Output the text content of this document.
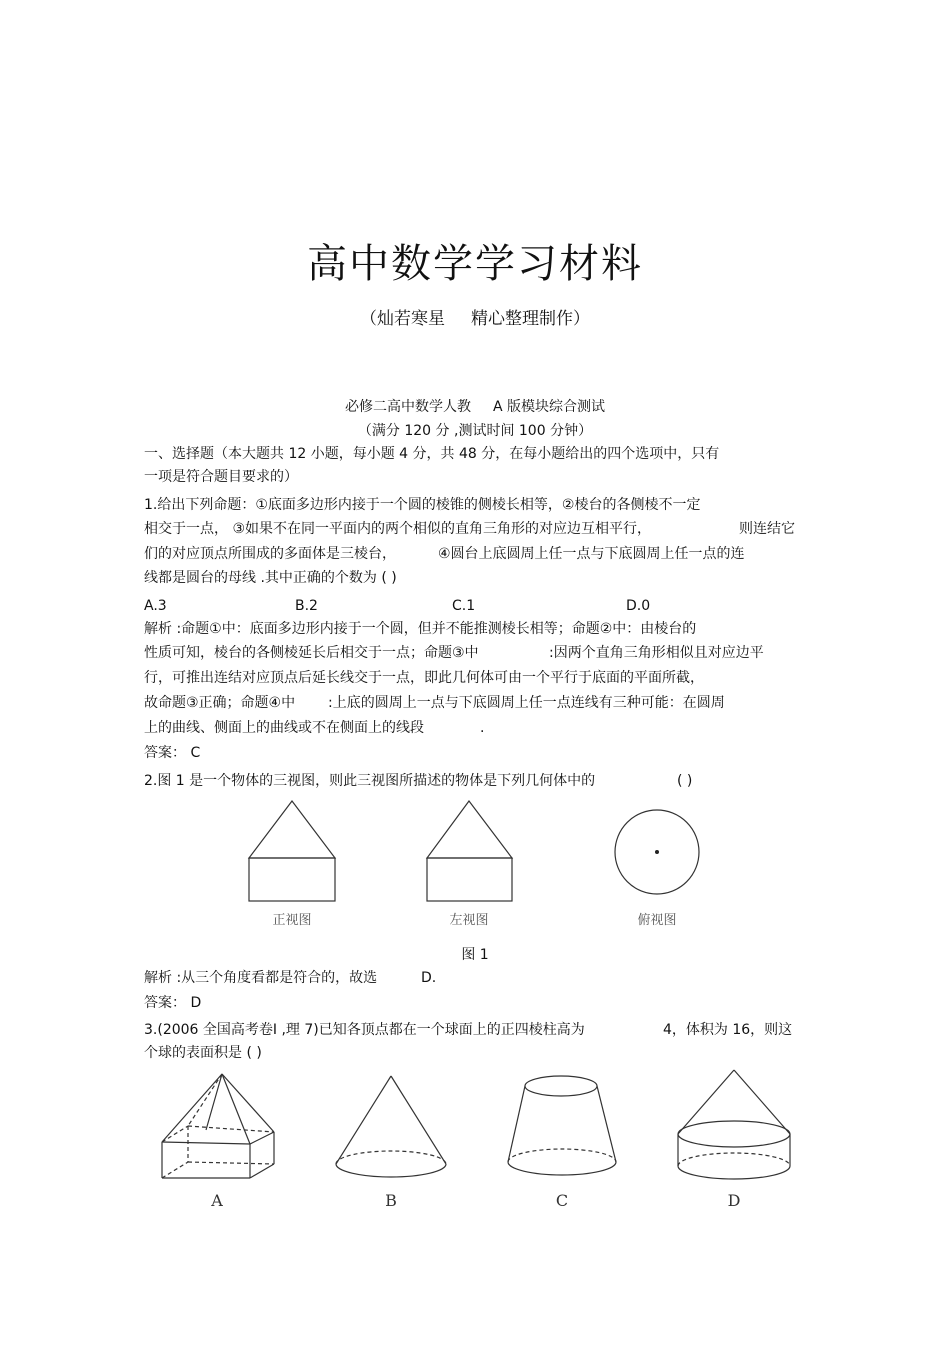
高中数学学习材料
（灿若寒星 精心整理制作）
必修二高中数学人教 A 版模块综合测试
（满分 120 分 ,测试时间 100 分钟）
一、选择题（本大题共 12 小题，每小题 4 分，共 48 分，在每小题给出的四个选项中，只有
一项是符合题目要求的）
1.给出下列命题：①底面多边形内接于一个圆的棱锥的侧棱长相等，②棱台的各侧棱不一定
相交于一点， ③如果不在同一平面内的两个相似的直角三角形的对应边互相平行，	则连结它
们的对应顶点所围成的多面体是三棱台，	④圆台上底圆周上任一点与下底圆周上任一点的连
线都是圆台的母线 .其中正确的个数为 ( )
A.3	B.2	C.1	D.0
解析 :命题①中：底面多边形内接于一个圆，但并不能推测棱长相等；命题②中：由棱台的
性质可知，棱台的各侧棱延长后相交于一点；命题③中	:因两个直角三角形相似且对应边平
行，可推出连结对应顶点后延长线交于一点，即此几何体可由一个平行于底面的平面所截，
故命题③正确；命题④中 :上底的圆周上一点与下底圆周上任一点连线有三种可能：在圆周
上的曲线、侧面上的曲线或不在侧面上的线段	.
答案： C
2.图 1 是一个物体的三视图，则此三视图所描述的物体是下列几何体中的	( )
正视图	左视图	俯视图
图 1
解析 :从三个角度看都是符合的，故选	D.
答案： D
3.(2006 全国高考卷Ⅰ ,理 7)已知各顶点都在一个球面上的正四棱柱高为	4，体积为 16，则这
个球的表面积是 ( )
A	B	C	D
